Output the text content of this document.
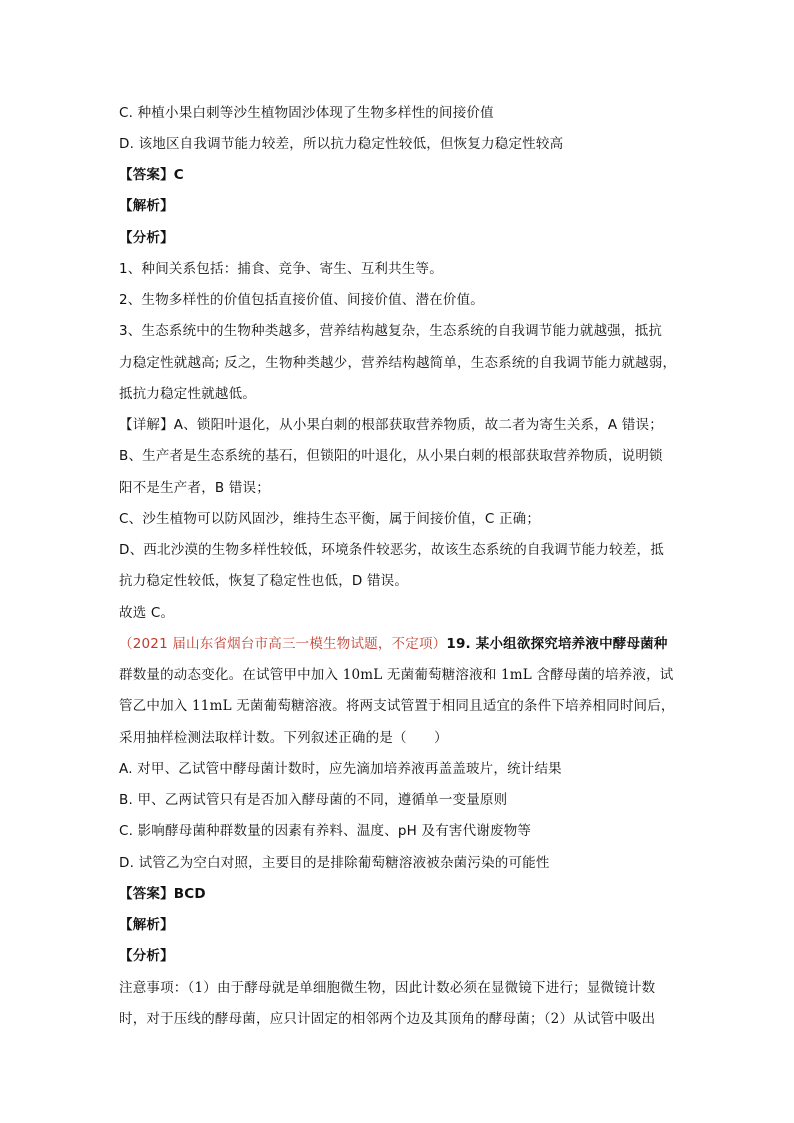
C. 种植小果白刺等沙生植物固沙体现了生物多样性的间接价值
D. 该地区自我调节能力较差，所以抗力稳定性较低，但恢复力稳定性较高
【答案】C
【解析】
【分析】
1、种间关系包括：捕食、竞争、寄生、互利共生等。
2、生物多样性的价值包括直接价值、间接价值、潜在价值。
3、生态系统中的生物种类越多，营养结构越复杂，生态系统的自我调节能力就越强，抵抗
力稳定性就越高; 反之，生物种类越少，营养结构越简单，生态系统的自我调节能力就越弱，
抵抗力稳定性就越低。
【详解】A、锁阳叶退化，从小果白刺的根部获取营养物质，故二者为寄生关系，A 错误；
B、生产者是生态系统的基石，但锁阳的叶退化，从小果白刺的根部获取营养物质，说明锁
阳不是生产者，B 错误；
C、沙生植物可以防风固沙，维持生态平衡，属于间接价值，C 正确；
D、西北沙漠的生物多样性较低，环境条件较恶劣，故该生态系统的自我调节能力较差，抵
抗力稳定性较低，恢复了稳定性也低，D 错误。
故选 C。
（2021 届山东省烟台市高三一模生物试题，不定项）19. 某小组欲探究培养液中酵母菌种
群数量的动态变化。在试管甲中加入 10mL 无菌葡萄糖溶液和 1mL 含酵母菌的培养液，试
管乙中加入 11mL 无菌葡萄糖溶液。将两支试管置于相同且适宜的条件下培养相同时间后，
采用抽样检测法取样计数。下列叙述正确的是（　　）
A. 对甲、乙试管中酵母菌计数时，应先滴加培养液再盖盖玻片，统计结果
B. 甲、乙两试管只有是否加入酵母菌的不同，遵循单一变量原则
C. 影响酵母菌种群数量的因素有养料、温度、pH 及有害代谢废物等
D. 试管乙为空白对照，主要目的是排除葡萄糖溶液被杂菌污染的可能性
【答案】BCD
【解析】
【分析】
注意事项：（1）由于酵母就是单细胞微生物，因此计数必须在显微镜下进行；显微镜计数
时，对于压线的酵母菌，应只计固定的相邻两个边及其顶角的酵母菌；（2）从试管中吸出
